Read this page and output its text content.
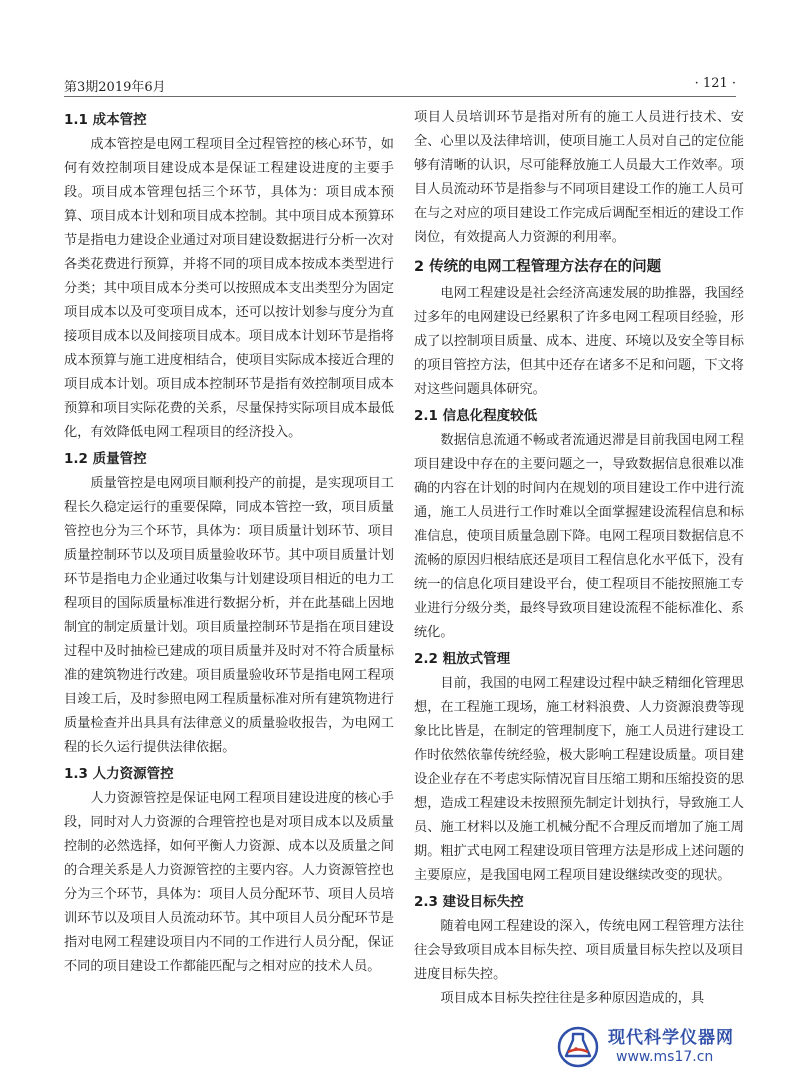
第3期2019年6月	· 121 ·
1.1 成本管控

成本管控是电网工程项目全过程管控的核心环节，如何有效控制项目建设成本是保证工程建设进度的主要手段。项目成本管理包括三个环节，具体为：项目成本预算、项目成本计划和项目成本控制。其中项目成本预算环节是指电力建设企业通过对项目建设数据进行分析一次对各类花费进行预算，并将不同的项目成本按成本类型进行分类；其中项目成本分类可以按照成本支出类型分为固定项目成本以及可变项目成本，还可以按计划参与度分为直接项目成本以及间接项目成本。项目成本计划环节是指将成本预算与施工进度相结合，使项目实际成本接近合理的项目成本计划。项目成本控制环节是指有效控制项目成本预算和项目实际花费的关系，尽量保持实际项目成本最低化，有效降低电网工程项目的经济投入。

1.2 质量管控

质量管控是电网项目顺利投产的前提，是实现项目工程长久稳定运行的重要保障，同成本管控一致，项目质量管控也分为三个环节，具体为：项目质量计划环节、项目质量控制环节以及项目质量验收环节。其中项目质量计划环节是指电力企业通过收集与计划建设项目相近的电力工程项目的国际质量标准进行数据分析，并在此基础上因地制宜的制定质量计划。项目质量控制环节是指在项目建设过程中及时抽检已建成的项目质量并及时对不符合质量标准的建筑物进行改建。项目质量验收环节是指电网工程项目竣工后，及时参照电网工程质量标准对所有建筑物进行质量检查并出具具有法律意义的质量验收报告，为电网工程的长久运行提供法律依据。

1.3 人力资源管控

人力资源管控是保证电网工程项目建设进度的核心手段，同时对人力资源的合理管控也是对项目成本以及质量控制的必然选择，如何平衡人力资源、成本以及质量之间的合理关系是人力资源管控的主要内容。人力资源管控也分为三个环节，具体为：项目人员分配环节、项目人员培训环节以及项目人员流动环节。其中项目人员分配环节是指对电网工程建设项目内不同的工作进行人员分配，保证不同的项目建设工作都能匹配与之相对应的技术人员。

项目人员培训环节是指对所有的施工人员进行技术、安全、心里以及法律培训，使项目施工人员对自己的定位能够有清晰的认识，尽可能释放施工人员最大工作效率。项目人员流动环节是指参与不同项目建设工作的施工人员可在与之对应的项目建设工作完成后调配至相近的建设工作岗位，有效提高人力资源的利用率。

2 传统的电网工程管理方法存在的问题

电网工程建设是社会经济高速发展的助推器，我国经过多年的电网建设已经累积了许多电网工程项目经验，形成了以控制项目质量、成本、进度、环境以及安全等目标的项目管控方法，但其中还存在诸多不足和问题，下文将对这些问题具体研究。

2.1 信息化程度较低

数据信息流通不畅或者流通迟滞是目前我国电网工程项目建设中存在的主要问题之一，导致数据信息很难以准确的内容在计划的时间内在规划的项目建设工作中进行流通，施工人员进行工作时难以全面掌握建设流程信息和标准信息，使项目质量急剧下降。电网工程项目数据信息不流畅的原因归根结底还是项目工程信息化水平低下，没有统一的信息化项目建设平台，使工程项目不能按照施工专业进行分级分类，最终导致项目建设流程不能标准化、系统化。

2.2 粗放式管理

目前，我国的电网工程建设过程中缺乏精细化管理思想，在工程施工现场，施工材料浪费、人力资源浪费等现象比比皆是，在制定的管理制度下，施工人员进行建设工作时依然依靠传统经验，极大影响工程建设质量。项目建设企业存在不考虑实际情况盲目压缩工期和压缩投资的思想，造成工程建设未按照预先制定计划执行，导致施工人员、施工材料以及施工机械分配不合理反而增加了施工周期。粗扩式电网工程建设项目管理方法是形成上述问题的主要原应，是我国电网工程项目建设继续改变的现状。

2.3 建设目标失控

随着电网工程建设的深入，传统电网工程管理方法往往会导致项目成本目标失控、项目质量目标失控以及项目进度目标失控。

项目成本目标失控往往是多种原因造成的，具

现代科学仪器网
www.ms17.cn
